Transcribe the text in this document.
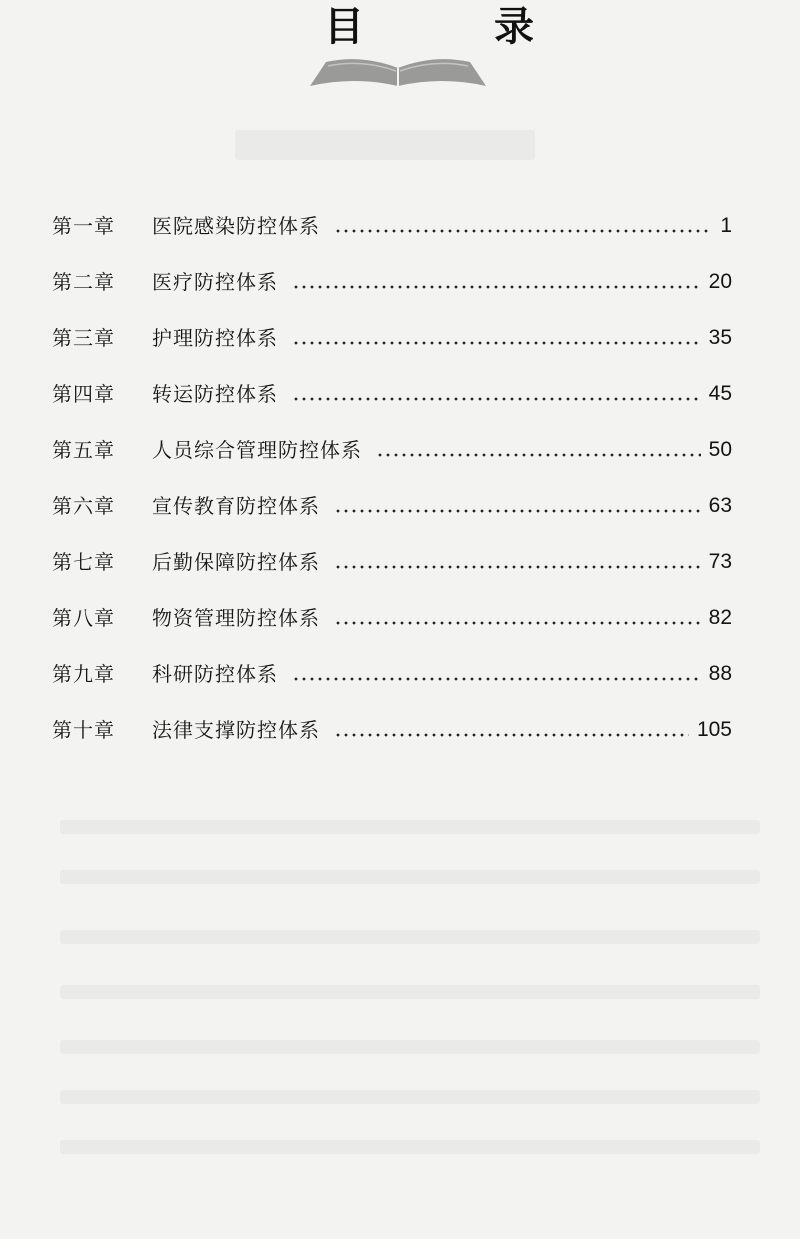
目 录
第一章	医院感染防控体系	1
第二章	医疗防控体系	20
第三章	护理防控体系	35
第四章	转运防控体系	45
第五章	人员综合管理防控体系	50
第六章	宣传教育防控体系	63
第七章	后勤保障防控体系	73
第八章	物资管理防控体系	82
第九章	科研防控体系	88
第十章	法律支撑防控体系	105
